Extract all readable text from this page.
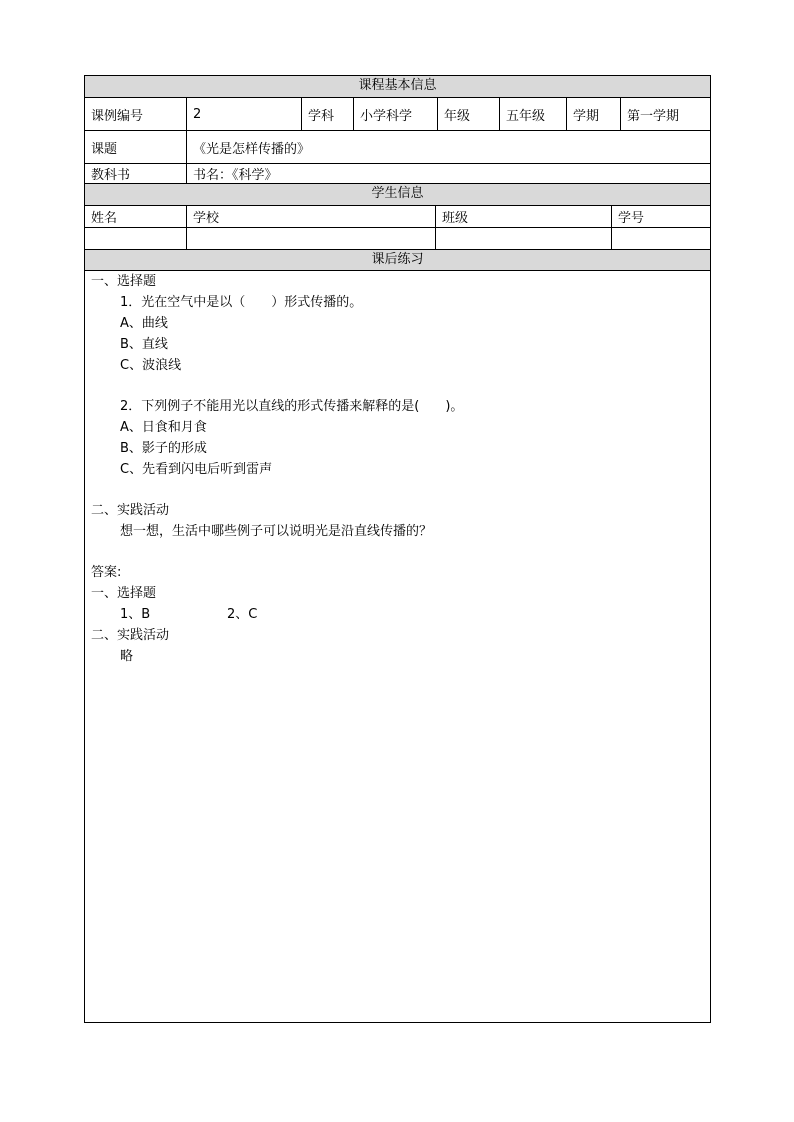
课程基本信息
课例编号	2	学科	小学科学	年级	五年级	学期	第一学期
课题	《光是怎样传播的》
教科书	书名：《科学》
学生信息
姓名	学校	班级	学号
课后练习
一、选择题
1．光在空气中是以（　　）形式传播的。
A、曲线
B、直线
C、波浪线
2．下列例子不能用光以直线的形式传播来解释的是(　　)。
A、日食和月食
B、影子的形成
C、先看到闪电后听到雷声
二、实践活动
想一想，生活中哪些例子可以说明光是沿直线传播的？
答案:
一、选择题
1、B	2、C
二、实践活动
略
